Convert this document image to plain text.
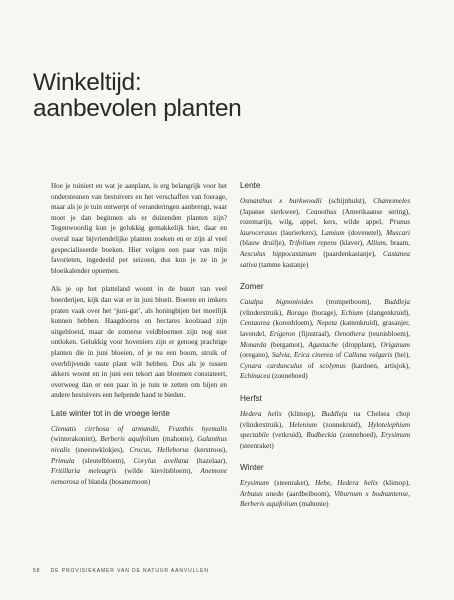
Winkeltijd:
aanbevolen planten

Hoe je tuiniert en wat je aanplant, is erg belangrijk voor het ondersteunen van bestuivers en het verschaffen van foerage, maar als je je tuin ontwerpt of veranderingen aanbrengt, waar moet je dan beginnen als er duizenden planten zijn? Tegenwoordig kun je gelukkig gemakkelijk hier, daar en overal naar bijvriendelijke planten zoeken en er zijn al veel gespecialiseerde boeken. Hier volgen een paar van mijn favorieten, ingedeeld per seizoen, dus kun je ze in je bloeikalender opnemen.

Als je op het platteland woont in de buurt van veel boerderijen, kijk dan wat er in juni bloeit. Boeren en imkers praten vaak over het ‘juni-gat’, als honingbijen het moeilijk kunnen hebben. Haagdoorns en hectares koolzaad zijn uitgebloeid, maar de zomerse veldbloemen zijn nog niet ontloken. Gelukkig voor hoveniers zijn er genoeg prachtige planten die in juni bloeien, of je nu een boom, struik of overblijvende vaste plant wilt hebben. Dus als je tussen akkers woont en in juni een tekort aan bloemen constateert, overweeg dan er een paar in je tuin te zetten om bijen en andere bestuivers een helpende hand te bieden.

Late winter tot in de vroege lente

Clematis cirrhosa of armandii, Franthis hyemalis (winterakoniet), Berberis aquifolium (mahonie), Galanthus nivalis (sneeuwklokjes), Crocus, Helleborus (kerstroos), Primula (sleutelbloem), Corylus avellana (hazelaar), Fritillaria meleagris (wilde kievitsbloem), Anemone nemorosa of blanda (bosanemoon)

Lente

Osmanthus x burkwoodii (schijnhulst), Chamomeles (Japanse sierkwee), Ceanothus (Amerikaanse sering), rozemarijn, wilg, appel, kers, wilde appel, Prunus laurocerasus (laurierkers), Lamium (dovenetel), Muscari (blauw druifje), Trifolium repens (klaver), Allium, braam, Aesculus hippocastanum (paardenkastanje), Castanea sativa (tamme kastanje)

Zomer

Catalpa bignonioides (trompetboom), Buddleja (vlinderstruik), Borago (borage), Echium (slangenkruid), Centaurea (korenbloem), Nepeta (kattenkruid), grasanjer, lavendel, Erigeron (fijnstraal), Oenothera (teunisbloem), Monarda (bergamot), Agastache (dropplant), Origanum (oregano), Salvia, Erica cinerea of Calluna vulgaris (hei), Cynara cardunculus of scolymus (kardoen, artisjok), Echinacea (zonnehoed)

Herfst

Hedera helix (klimop), Buddleja na Chelsea chop (vlinderstruik), Helenium (zonnekruid), Hylotelephium spectabile (vetkruid), Rudbeckia (zonnehoed), Erysimum (steenraket)

Winter

Erysimum (steenraket), Hebe, Hedera helix (klimop), Arbutus unedo (aardbeiboom), Viburnum x bodnantense, Berberis aquifolium (mahonie)

58 DE PROVISIEKAMER VAN DE NATUUR AANVULLEN
